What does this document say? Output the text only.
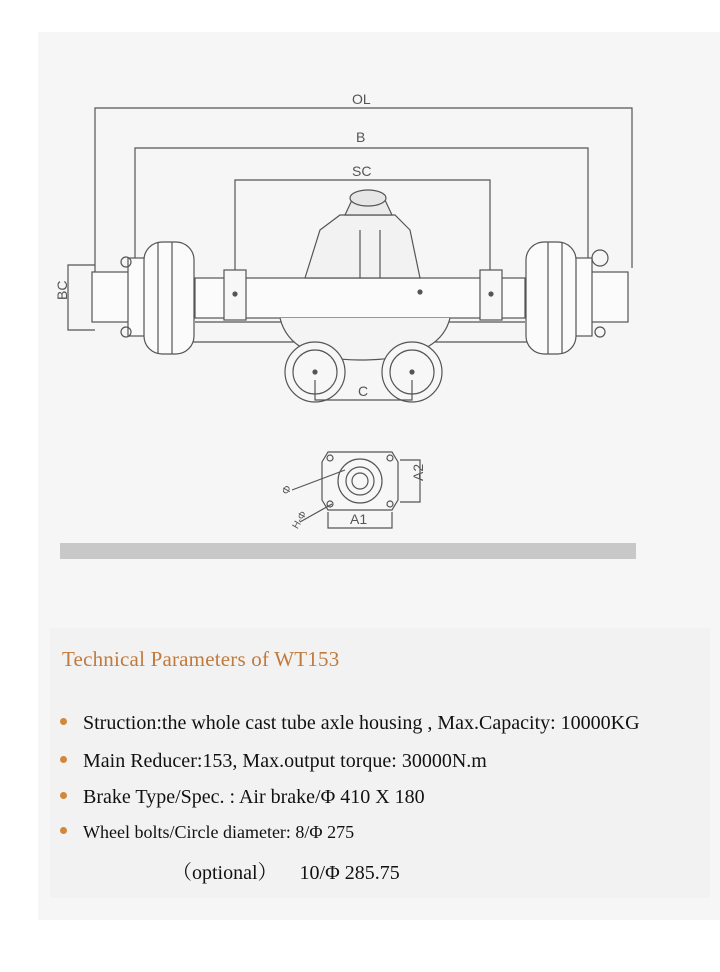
OL
B
SC
BC
C
A1
A2
Φ
H-Φ
Technical Parameters of WT153
Struction:the whole cast tube axle housing , Max.Capacity: 10000KG
Main Reducer:153, Max.output torque: 30000N.m
Brake Type/Spec. : Air brake/Φ 410 X 180
Wheel bolts/Circle diameter: 8/Φ 275
（optional） 10/Φ 285.75
